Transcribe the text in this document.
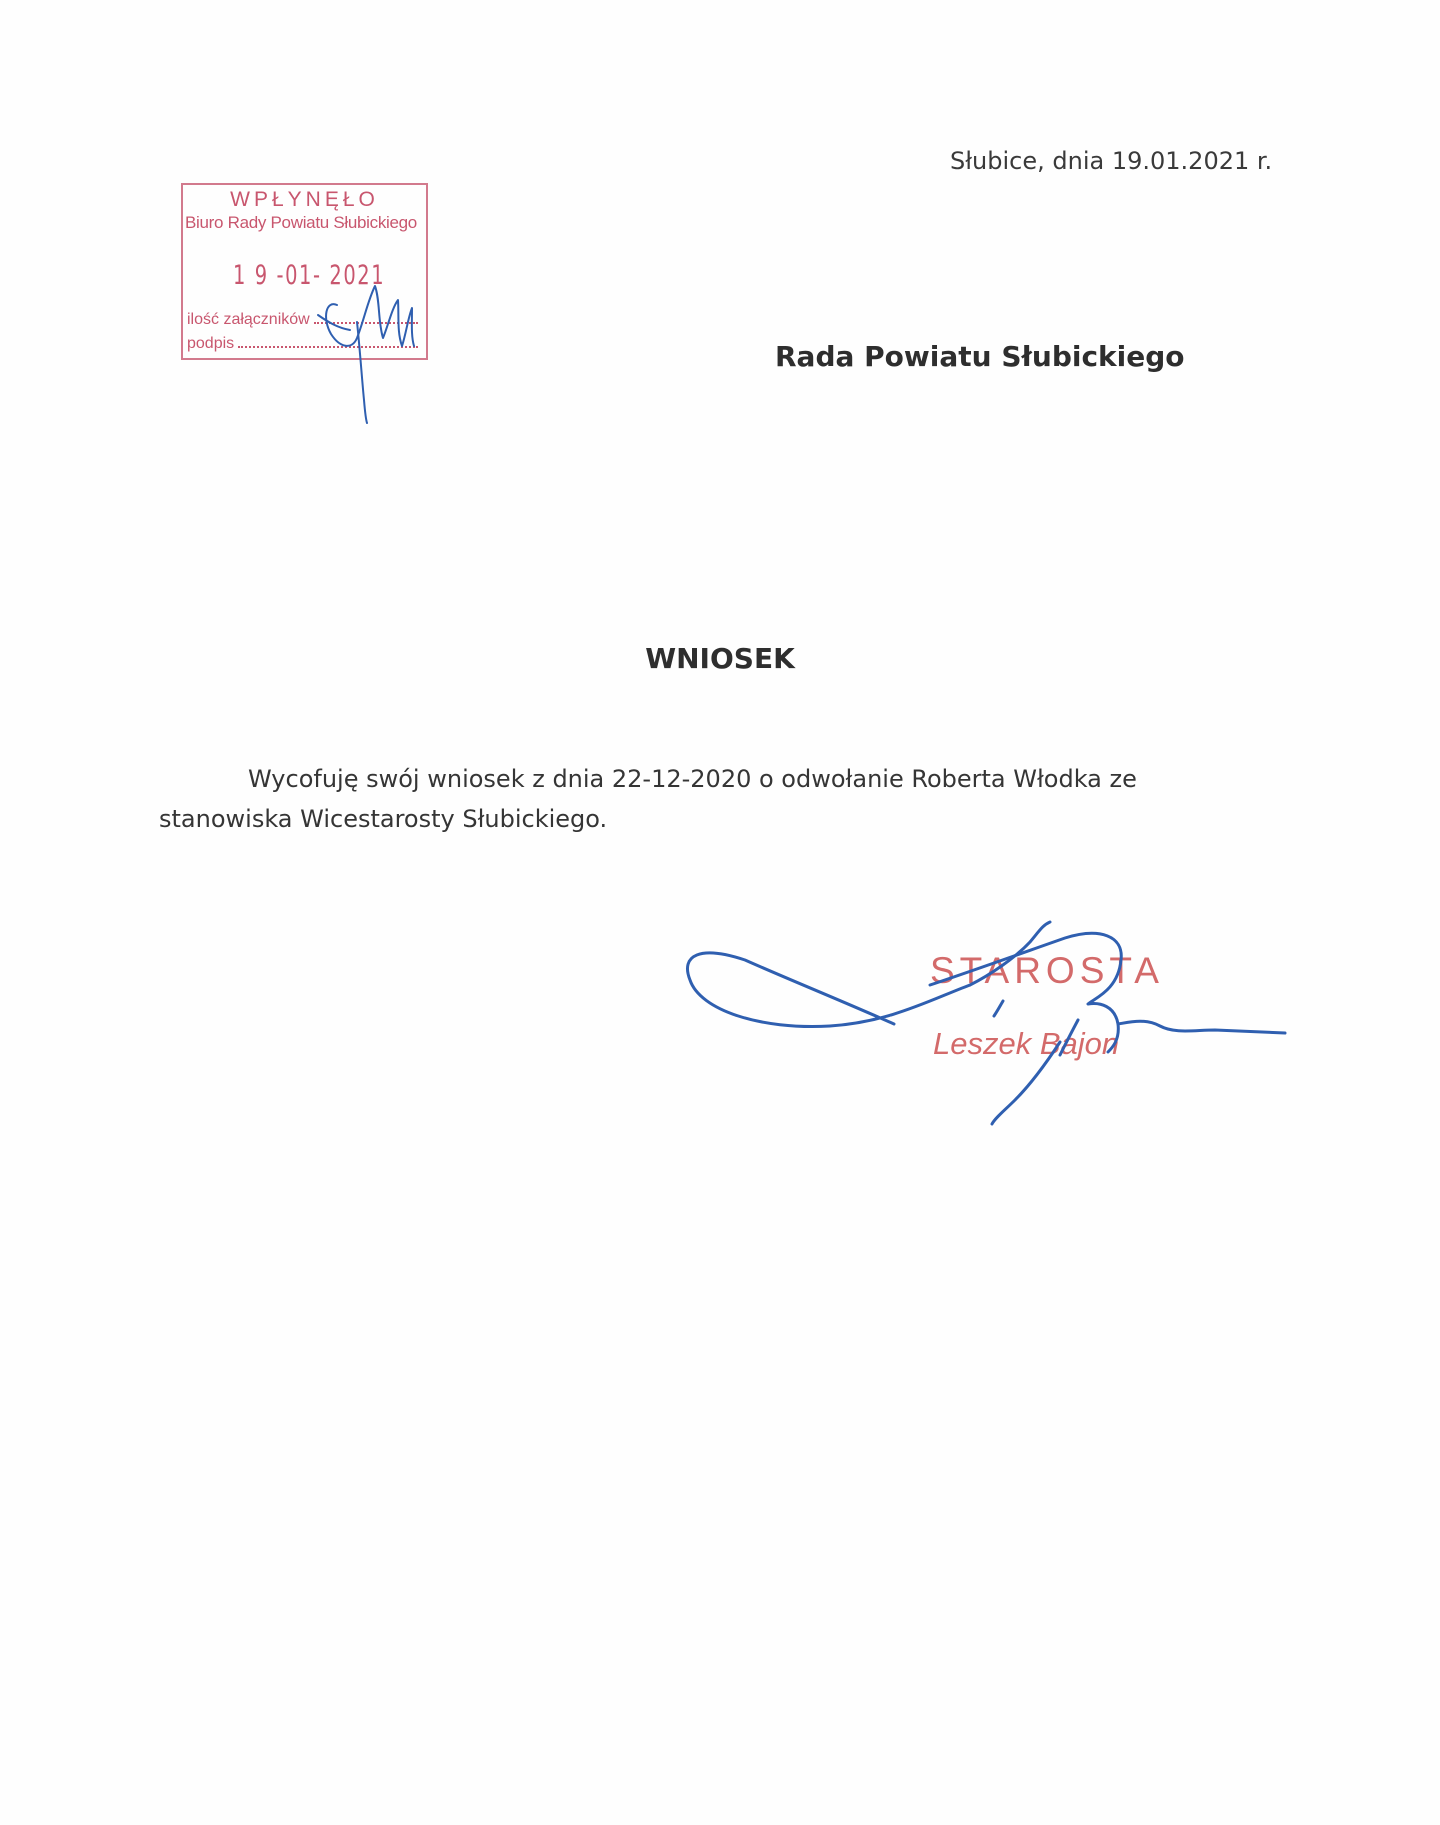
Słubice, dnia 19.01.2021 r.
WPŁYNĘŁO
Biuro Rady Powiatu Słubickiego
1 9 -01- 2021
ilość załączników
podpis	Rada Powiatu Słubickiego
WNIOSEK
Wycofuję swój wniosek z dnia 22-12-2020 o odwołanie Roberta Włodka ze
stanowiska Wicestarosty Słubickiego.
STAROSTA
Leszek Bajon
